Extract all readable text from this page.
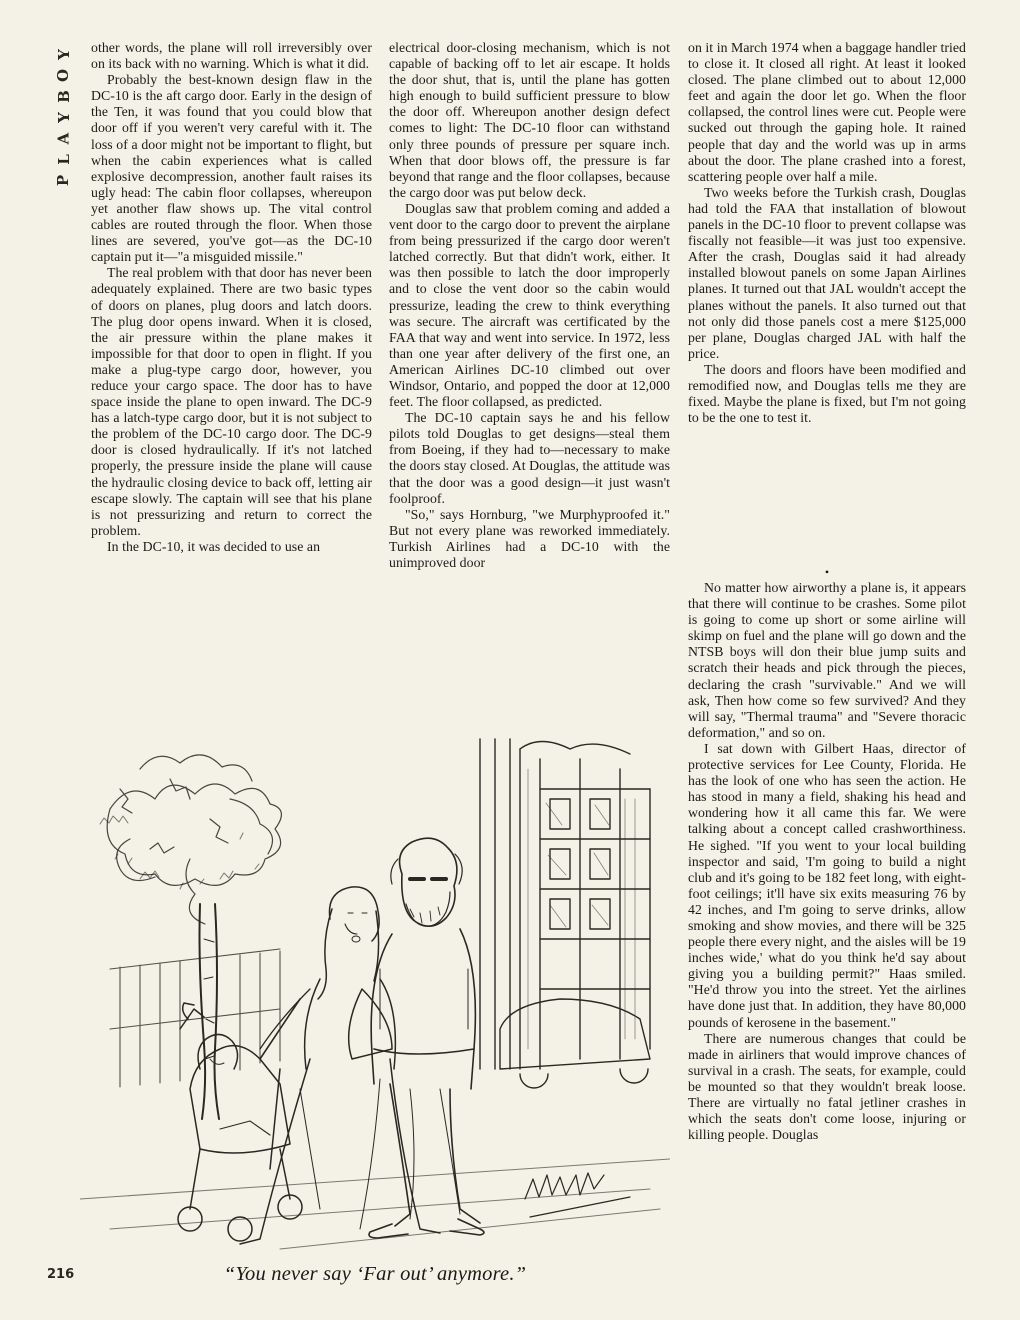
Y
O
B
Y
A
L
P

other words, the plane will roll irreversibly over on its back with no warning. Which is what it did.

Probably the best-known design flaw in the DC-10 is the aft cargo door. Early in the design of the Ten, it was found that you could blow that door off if you weren't very careful with it. The loss of a door might not be important to flight, but when the cabin experiences what is called explosive decompression, another fault raises its ugly head: The cabin floor collapses, whereupon yet another flaw shows up. The vital control cables are routed through the floor. When those lines are severed, you've got—as the DC-10 captain put it—"a misguided missile."

The real problem with that door has never been adequately explained. There are two basic types of doors on planes, plug doors and latch doors. The plug door opens inward. When it is closed, the air pressure within the plane makes it impossible for that door to open in flight. If you make a plug-type cargo door, however, you reduce your cargo space. The door has to have space inside the plane to open inward. The DC-9 has a latch-type cargo door, but it is not subject to the problem of the DC-10 cargo door. The DC-9 door is closed hydraulically. If it's not latched properly, the pressure inside the plane will cause the hydraulic closing device to back off, letting air escape slowly. The captain will see that his plane is not pressurizing and return to correct the problem.

In the DC-10, it was decided to use an

electrical door-closing mechanism, which is not capable of backing off to let air escape. It holds the door shut, that is, until the plane has gotten high enough to build sufficient pressure to blow the door off. Whereupon another design defect comes to light: The DC-10 floor can withstand only three pounds of pressure per square inch. When that door blows off, the pressure is far beyond that range and the floor collapses, because the cargo door was put below deck.

Douglas saw that problem coming and added a vent door to the cargo door to prevent the airplane from being pressurized if the cargo door weren't latched correctly. But that didn't work, either. It was then possible to latch the door improperly and to close the vent door so the cabin would pressurize, leading the crew to think everything was secure. The aircraft was certificated by the FAA that way and went into service. In 1972, less than one year after delivery of the first one, an American Airlines DC-10 climbed out over Windsor, Ontario, and popped the door at 12,000 feet. The floor collapsed, as predicted.

The DC-10 captain says he and his fellow pilots told Douglas to get designs—steal them from Boeing, if they had to—necessary to make the doors stay closed. At Douglas, the attitude was that the door was a good design—it just wasn't foolproof.

"So," says Hornburg, "we Murphyproofed it." But not every plane was reworked immediately. Turkish Airlines had a DC-10 with the unimproved door

on it in March 1974 when a baggage handler tried to close it. It closed all right. At least it looked closed. The plane climbed out to about 12,000 feet and again the door let go. When the floor collapsed, the control lines were cut. People were sucked out through the gaping hole. It rained people that day and the world was up in arms about the door. The plane crashed into a forest, scattering people over half a mile.

Two weeks before the Turkish crash, Douglas had told the FAA that installation of blowout panels in the DC-10 floor to prevent collapse was fiscally not feasible—it was just too expensive. After the crash, Douglas said it had already installed blowout panels on some Japan Airlines planes. It turned out that JAL wouldn't accept the planes without the panels. It also turned out that not only did those panels cost a mere $125,000 per plane, Douglas charged JAL with half the price.

The doors and floors have been modified and remodified now, and Douglas tells me they are fixed. Maybe the plane is fixed, but I'm not going to be the one to test it.

•

No matter how airworthy a plane is, it appears that there will continue to be crashes. Some pilot is going to come up short or some airline will skimp on fuel and the plane will go down and the NTSB boys will don their blue jump suits and scratch their heads and pick through the pieces, declaring the crash "survivable." And we will ask, Then how come so few survived? And they will say, "Thermal trauma" and "Severe thoracic deformation," and so on.

I sat down with Gilbert Haas, director of protective services for Lee County, Florida. He has the look of one who has seen the action. He has stood in many a field, shaking his head and wondering how it all came this far. We were talking about a concept called crashworthiness. He sighed. "If you went to your local building inspector and said, 'I'm going to build a night club and it's going to be 182 feet long, with eight-foot ceilings; it'll have six exits measuring 76 by 42 inches, and I'm going to serve drinks, allow smoking and show movies, and there will be 325 people there every night, and the aisles will be 19 inches wide,' what do you think he'd say about giving you a building permit?" Haas smiled. "He'd throw you into the street. Yet the airlines have done just that. In addition, they have 80,000 pounds of kerosene in the basement."

There are numerous changes that could be made in airliners that would improve chances of survival in a crash. The seats, for example, could be mounted so that they wouldn't break loose. There are virtually no fatal jetliner crashes in which the seats don't come loose, injuring or killing people. Douglas

“You never say ‘Far out’ anymore.”
216
